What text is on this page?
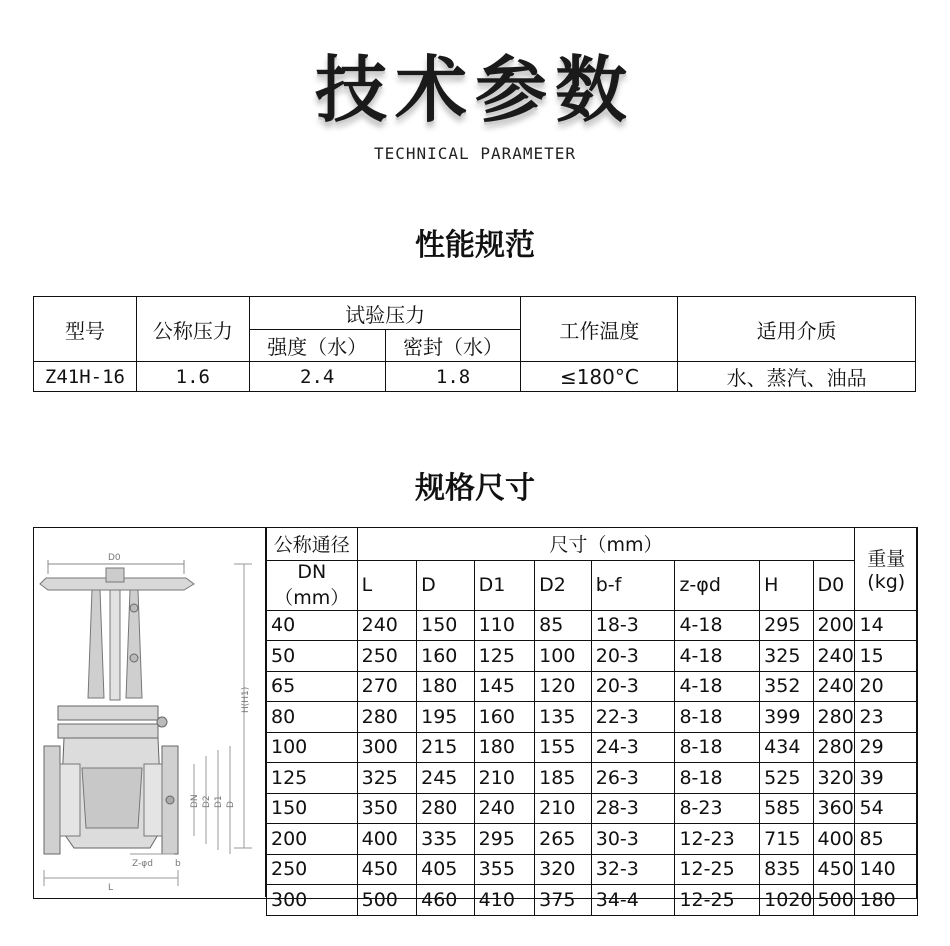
技术参数
TECHNICAL PARAMETER
性能规范
型号	公称压力	试验压力		工作温度	适用介质
		强度（水）	密封（水）		
Z41H-16	1.6	2.4	1.8	≤180°C	水、蒸汽、油品
规格尺寸
D0
H(H1)
DN D2 D1 D
Z-φd b
L
公称通径	尺寸（mm）								重量
(kg)
DN（mm）	L	D	D1	D2	b-f	z-φd	H	D0	
40	240	150	110	85	18-3	4-18	295	200	14
50	250	160	125	100	20-3	4-18	325	240	15
65	270	180	145	120	20-3	4-18	352	240	20
80	280	195	160	135	22-3	8-18	399	280	23
100	300	215	180	155	24-3	8-18	434	280	29
125	325	245	210	185	26-3	8-18	525	320	39
150	350	280	240	210	28-3	8-23	585	360	54
200	400	335	295	265	30-3	12-23	715	400	85
250	450	405	355	320	32-3	12-25	835	450	140
300	500	460	410	375	34-4	12-25	1020	500	180
